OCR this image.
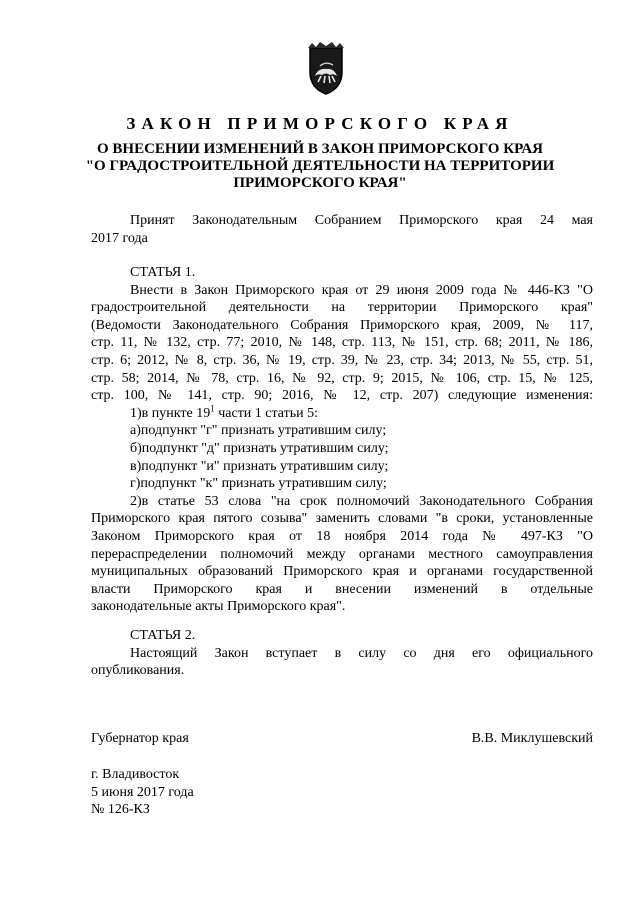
ЗАКОН ПРИМОРСКОГО КРАЯ
О ВНЕСЕНИИ ИЗМЕНЕНИЙ В ЗАКОН ПРИМОРСКОГО КРАЯ
"О ГРАДОСТРОИТЕЛЬНОЙ ДЕЯТЕЛЬНОСТИ НА ТЕРРИТОРИИ
ПРИМОРСКОГО КРАЯ"
Принят Законодательным Собранием Приморского края 24 мая
2017 года
СТАТЬЯ 1.
Внести в Закон Приморского края от 29 июня 2009 года № 446-КЗ "О
градостроительной деятельности на территории Приморского края"
(Ведомости Законодательного Собрания Приморского края, 2009, № 117,
стр. 11, № 132, стр. 77; 2010, № 148, стр. 113, № 151, стр. 68; 2011, № 186,
стр. 6; 2012, № 8, стр. 36, № 19, стр. 39, № 23, стр. 34; 2013, № 55, стр. 51,
стр. 58; 2014, № 78, стр. 16, № 92, стр. 9; 2015, № 106, стр. 15, № 125,
стр. 100, № 141, стр. 90; 2016, № 12, стр. 207) следующие изменения:
1)в пункте $19^1$ части 1 статьи 5:
а)подпункт "г" признать утратившим силу;
б)подпункт "д" признать утратившим силу;
в)подпункт "и" признать утратившим силу;
г)подпункт "к" признать утратившим силу;
2)в статье 53 слова "на срок полномочий Законодательного Собрания
Приморского края пятого созыва" заменить словами "в сроки, установленные
Законом Приморского края от 18 ноября 2014 года № 497-КЗ "О
перераспределении полномочий между органами местного самоуправления
муниципальных образований Приморского края и органами государственной
власти Приморского края и внесении изменений в отдельные
законодательные акты Приморского края".
СТАТЬЯ 2.
Настоящий Закон вступает в силу со дня его официального
опубликования.
Губернатор края	В.В. Миклушевский
г. Владивосток
5 июня 2017 года
№ 126-КЗ
